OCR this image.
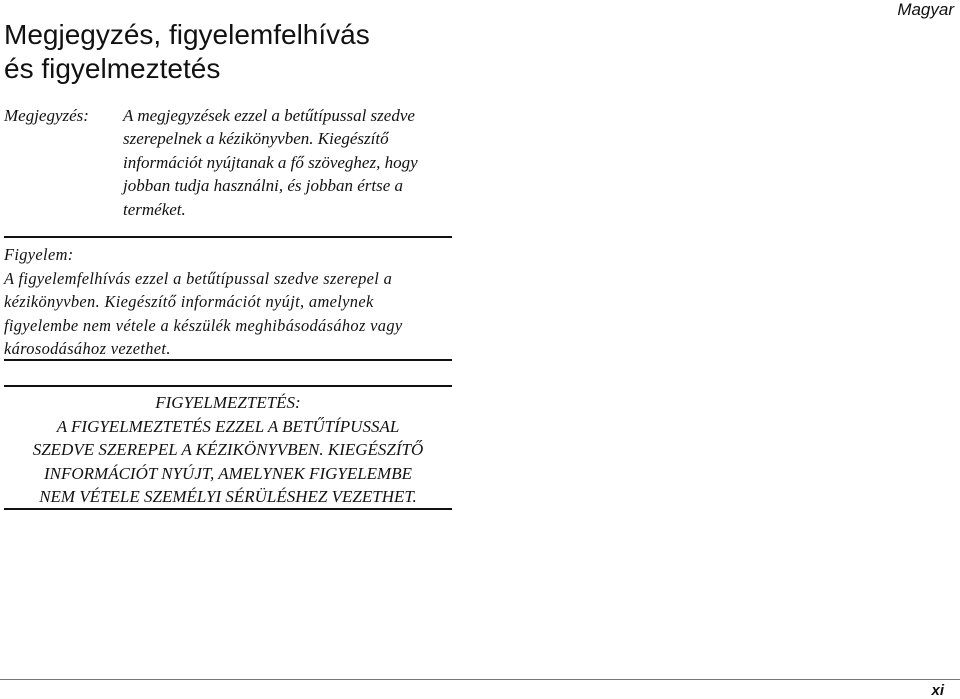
Magyar
Megjegyzés, figyelemfelhívás
és figyelmeztetés
Megjegyzés: A megjegyzések ezzel a betűtípussal szedve
szerepelnek a kézikönyvben. Kiegészítő
információt nyújtanak a fő szöveghez, hogy
jobban tudja használni, és jobban értse a
terméket.

Figyelem:
A figyelemfelhívás ezzel a betűtípussal szedve szerepel a
kézikönyvben. Kiegészítő információt nyújt, amelynek
figyelembe nem vétele a készülék meghibásodásához vagy
károsodásához vezethet.
FIGYELMEZTETÉS:
A FIGYELMEZTETÉS EZZEL A BETŰTÍPUSSAL
SZEDVE SZEREPEL A KÉZIKÖNYVBEN. KIEGÉSZÍTŐ
INFORMÁCIÓT NYÚJT, AMELYNEK FIGYELEMBE
NEM VÉTELE SZEMÉLYI SÉRÜLÉSHEZ VEZETHET.
xi
